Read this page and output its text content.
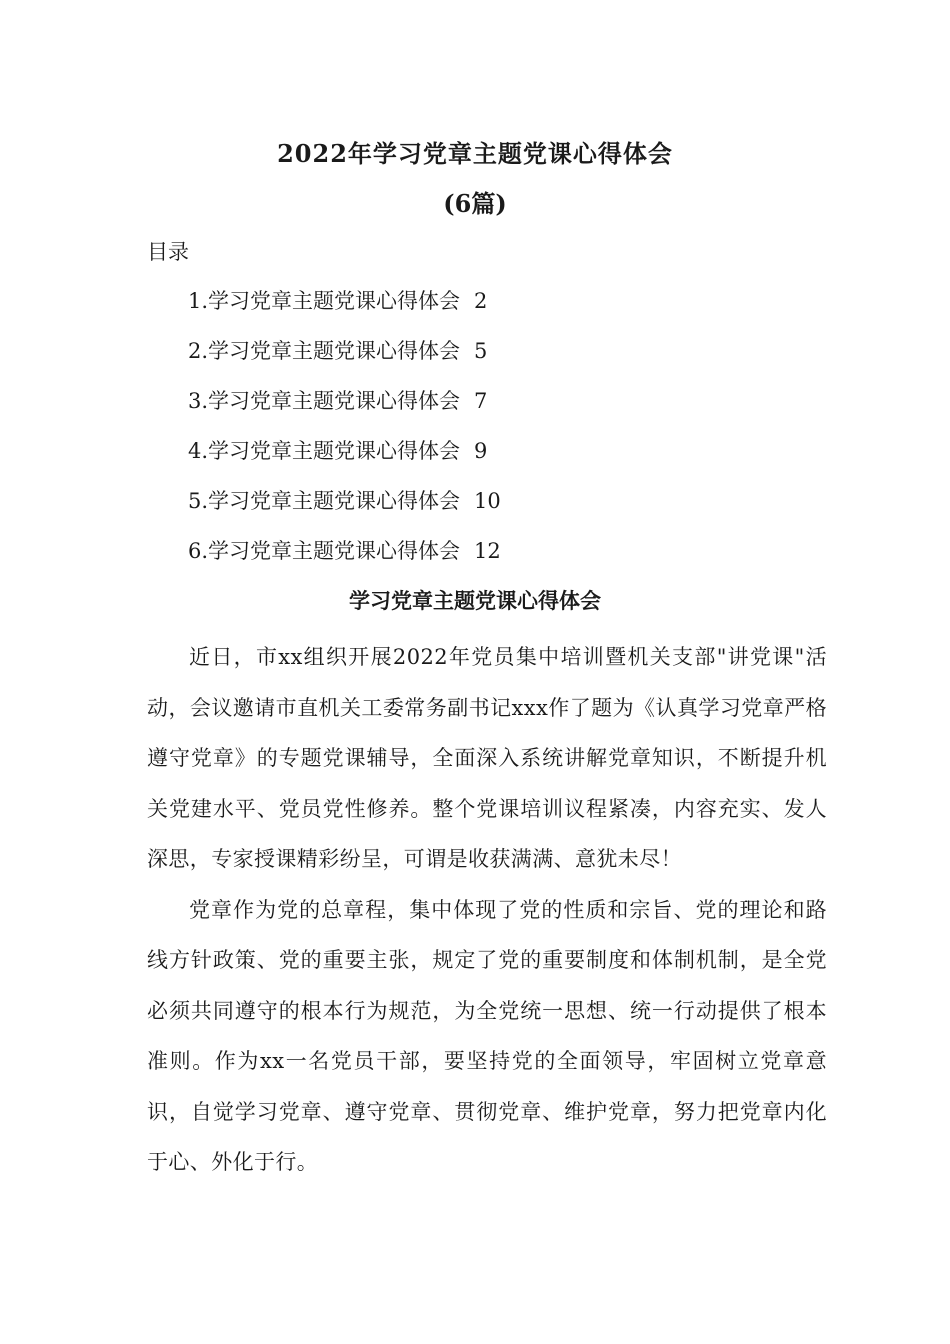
2022年学习党章主题党课心得体会
(6篇)
目录
1.学习党章主题党课心得体会 2
2.学习党章主题党课心得体会 5
3.学习党章主题党课心得体会 7
4.学习党章主题党课心得体会 9
5.学习党章主题党课心得体会 10
6.学习党章主题党课心得体会 12
学习党章主题党课心得体会

近日，市xx组织开展2022年党员集中培训暨机关支部"讲党课"活动，会议邀请市直机关工委常务副书记xxx作了题为《认真学习党章严格遵守党章》的专题党课辅导，全面深入系统讲解党章知识，不断提升机关党建水平、党员党性修养。整个党课培训议程紧凑，内容充实、发人深思，专家授课精彩纷呈，可谓是收获满满、意犹未尽！

党章作为党的总章程，集中体现了党的性质和宗旨、党的理论和路线方针政策、党的重要主张，规定了党的重要制度和体制机制，是全党必须共同遵守的根本行为规范，为全党统一思想、统一行动提供了根本准则。作为xx一名党员干部，要坚持党的全面领导，牢固树立党章意识，自觉学习党章、遵守党章、贯彻党章、维护党章，努力把党章内化于心、外化于行。
